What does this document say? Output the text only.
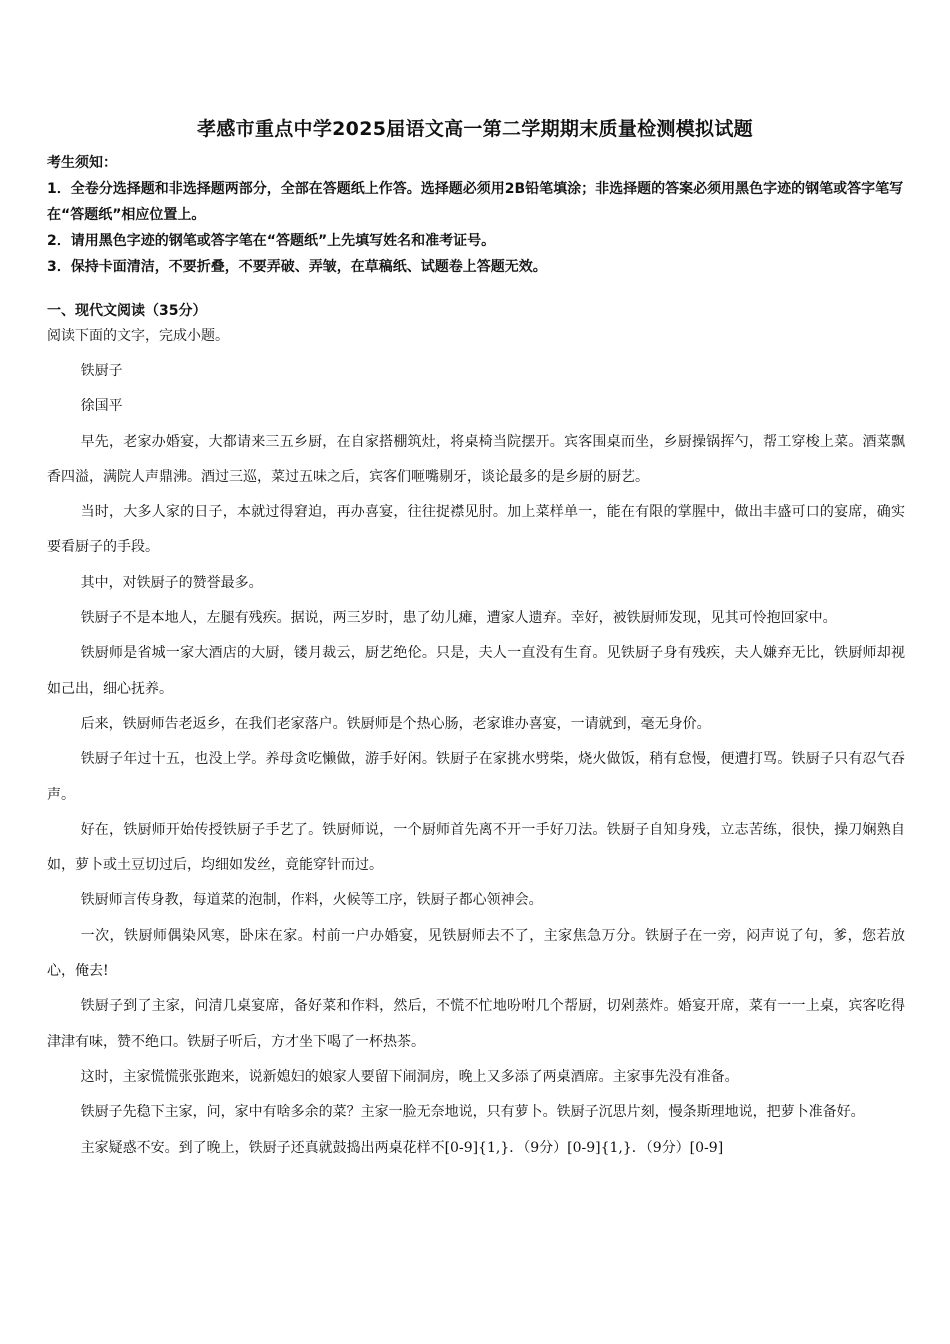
孝感市重点中学2025届语文高一第二学期期末质量检测模拟试题

考生须知：

1．全卷分选择题和非选择题两部分，全部在答题纸上作答。选择题必须用2B铅笔填涂；非选择题的答案必须用黑色字迹的钢笔或答字笔写在“答题纸”相应位置上。

2．请用黑色字迹的钢笔或答字笔在“答题纸”上先填写姓名和准考证号。

3．保持卡面清洁，不要折叠，不要弄破、弄皱，在草稿纸、试题卷上答题无效。

一、现代文阅读（35分）
阅读下面的文字，完成小题。

铁厨子

徐国平

早先，老家办婚宴，大都请来三五乡厨，在自家搭棚筑灶，将桌椅当院摆开。宾客围桌而坐，乡厨操锅挥勺，帮工穿梭上菜。酒菜飘香四溢，满院人声鼎沸。酒过三巡，菜过五味之后，宾客们咂嘴剔牙，谈论最多的是乡厨的厨艺。

当时，大多人家的日子，本就过得窘迫，再办喜宴，往往捉襟见肘。加上菜样单一，能在有限的掌腥中，做出丰盛可口的宴席，确实要看厨子的手段。

其中，对铁厨子的赞誉最多。

铁厨子不是本地人，左腿有残疾。据说，两三岁时，患了幼儿瘫，遭家人遗弃。幸好，被铁厨师发现，见其可怜抱回家中。

铁厨师是省城一家大酒店的大厨，镂月裁云，厨艺绝伦。只是，夫人一直没有生育。见铁厨子身有残疾，夫人嫌弃无比，铁厨师却视如己出，细心抚养。

后来，铁厨师告老返乡，在我们老家落户。铁厨师是个热心肠，老家谁办喜宴，一请就到，毫无身价。

铁厨子年过十五，也没上学。养母贪吃懒做，游手好闲。铁厨子在家挑水劈柴，烧火做饭，稍有怠慢，便遭打骂。铁厨子只有忍气吞声。

好在，铁厨师开始传授铁厨子手艺了。铁厨师说，一个厨师首先离不开一手好刀法。铁厨子自知身残，立志苦练，很快，操刀娴熟自如，萝卜或土豆切过后，均细如发丝，竟能穿针而过。

铁厨师言传身教，每道菜的泡制，作料，火候等工序，铁厨子都心领神会。

一次，铁厨师偶染风寒，卧床在家。村前一户办婚宴，见铁厨师去不了，主家焦急万分。铁厨子在一旁，闷声说了句，爹，您若放心，俺去!

铁厨子到了主家，问清几桌宴席，备好菜和作料，然后，不慌不忙地吩咐几个帮厨，切剁蒸炸。婚宴开席，菜有一一上桌，宾客吃得津津有味，赞不绝口。铁厨子听后，方才坐下喝了一杯热茶。

这时，主家慌慌张张跑来，说新媳妇的娘家人要留下闹洞房，晚上又多添了两桌酒席。主家事先没有准备。

铁厨子先稳下主家，问，家中有啥多余的菜？主家一脸无奈地说，只有萝卜。铁厨子沉思片刻，慢条斯理地说，把萝卜准备好。

主家疑惑不安。到了晚上，铁厨子还真就鼓捣出两桌花样不[0-9]{1,}．（9分）[0-9]{1,}．（9分）[0-9]
